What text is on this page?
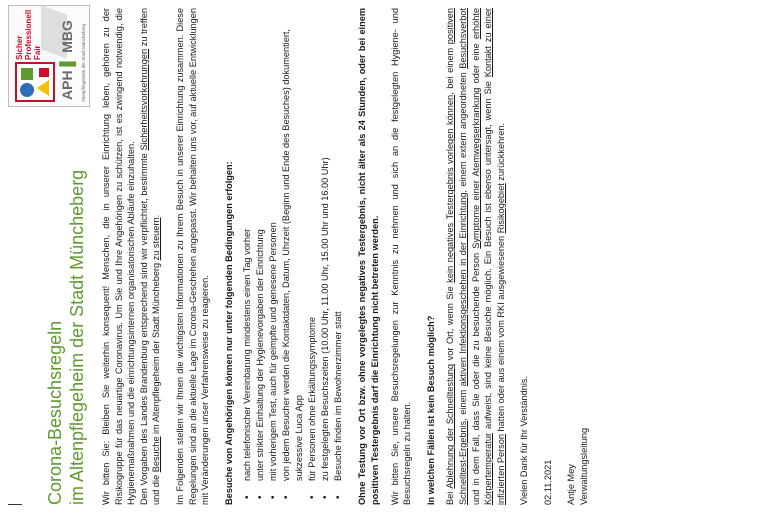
Sicher Professionell Fair
APH ▌ MBG Altenpflegeheim der Stadt Müncheberg

Corona-Besuchsregeln im Altenpflegeheim der Stadt Müncheberg Wir bitten Sie: Bleiben Sie weiterhin konsequent! Menschen, die in unserer Einrichtung leben, gehören zu der Risikogruppe für das neuartige Coronavirus. Um Sie und Ihre Angehörigen zu schützen, ist es zwingend notwendig, die Hygienemaßnahmen und die einrichtungsinternen organisatorischen Abläufe einzuhalten. Den Vorgaben des Landes Brandenburg entsprechend sind wir verpflichtet, bestimmte Sicherheitsvorkehrungen zu treffen und die Besuche im Altenpflegeheim der Stadt Müncheberg zu steuern. Im Folgenden stellen wir Ihnen die wichtigsten Informationen zu Ihrem Besuch in unserer Einrichtung zusammen. Diese Regelungen sind an die aktuelle Lage im Corona-Geschehen angepasst. Wir behalten uns vor, auf aktuelle Entwicklungen mit Veränderungen unser Verfahrensweise zu reagieren. Besuche von Angehörigen können nur unter folgenden Bedingungen erfolgen: • nach telefonischer Vereinbarung mindestens einen Tag vorher • unter strikter Einhaltung der Hygienevorgaben der Einrichtung • mit vorherigem Test, auch für geimpfte und genesene Personen • von jedem Besucher werden die Kontaktdaten, Datum, Uhrzeit (Beginn und Ende des Besuches) dokumentiert, sukzessive Luca App • für Personen ohne Erkältungssymptome • zu festgelegten Besuchszeiten (10.00 Uhr, 11.00 Uhr, 15.00 Uhr und 16.00 Uhr) • Besuche finden im Bewohnerzimmer statt Ohne Testung vor Ort bzw. ohne vorgelegtes negatives Testergebnis, nicht älter als 24 Stunden, oder bei einem positiven Testergebnis darf die Einrichtung nicht betreten werden. Wir bitten Sie, unsere Besuchsregelungen zur Kenntnis zu nehmen und sich an die festgelegten Hygiene- und Besuchsregeln zu halten. In welchen Fällen ist kein Besuch möglich? Bei Ablehnung der Schnelltestung vor Ort, wenn Sie kein negatives Testergebnis vorlegen können, bei einem positiven Schnelltest-Ergebnis, einem aktiven Infektionsgeschehen in der Einrichtung, einem extern angeordneten Besuchsverbot und in dem Fall, dass Sie oder die zu besuchende Person Symptome einer Atemwegserkrankung oder eine erhöhte Körpertemperatur aufweist, sind keine Besuche möglich. Ein Besuch ist ebenso untersagt, wenn Sie Kontakt zu einer infizierten Person hatten oder aus einem vom RKI ausgewiesenen Risikogebiet zurückkehren.

Vielen Dank für Ihr Verständnis. 02.11.2021 Antje Mey Verwaltungsleitung
